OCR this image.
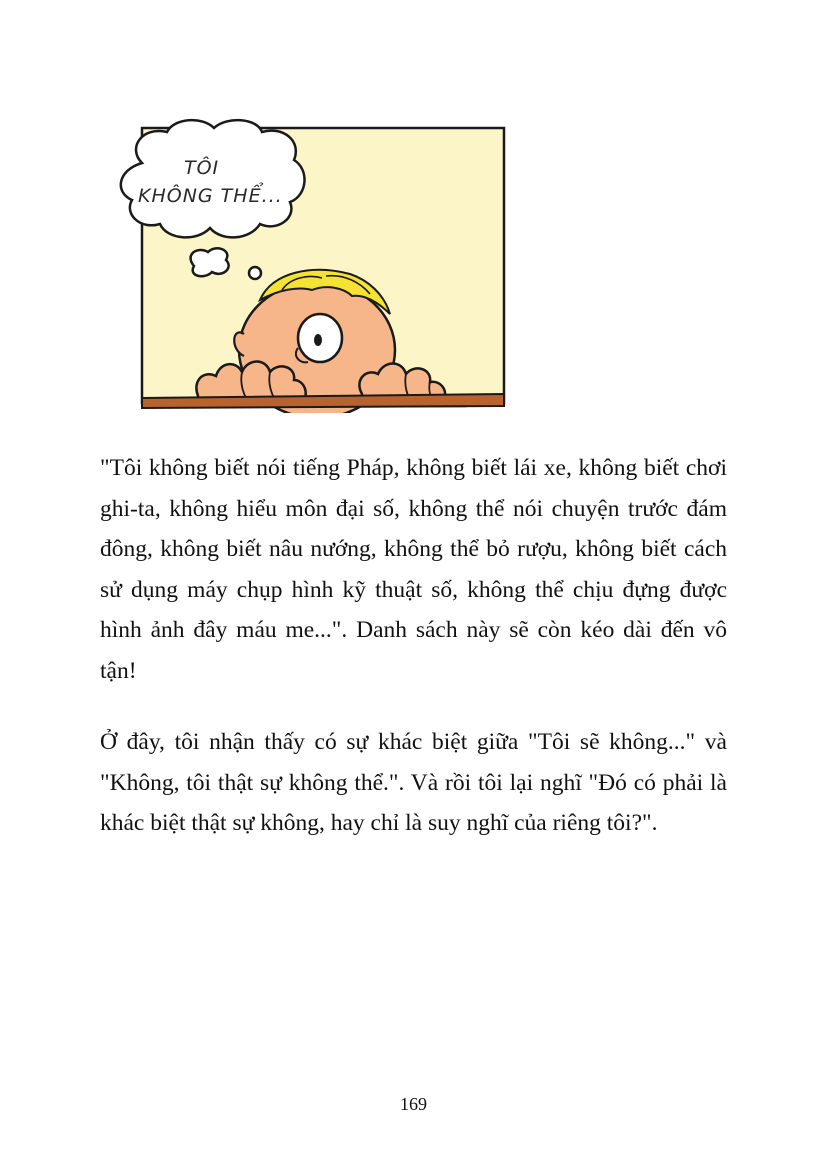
TÔI
KHÔNG THỂ...
"Tôi không biết nói tiếng Pháp, không biết lái xe, không biết chơi ghi-ta, không hiểu môn đại số, không thể nói chuyện trước đám đông, không biết nâu nướng, không thể bỏ rượu, không biết cách sử dụng máy chụp hình kỹ thuật số, không thể chịu đựng được hình ảnh đây máu me...". Danh sách này sẽ còn kéo dài đến vô tận!
Ở đây, tôi nhận thấy có sự khác biệt giữa "Tôi sẽ không..." và "Không, tôi thật sự không thể.". Và rồi tôi lại nghĩ "Đó có phải là khác biệt thật sự không, hay chỉ là suy nghĩ của riêng tôi?".
169
